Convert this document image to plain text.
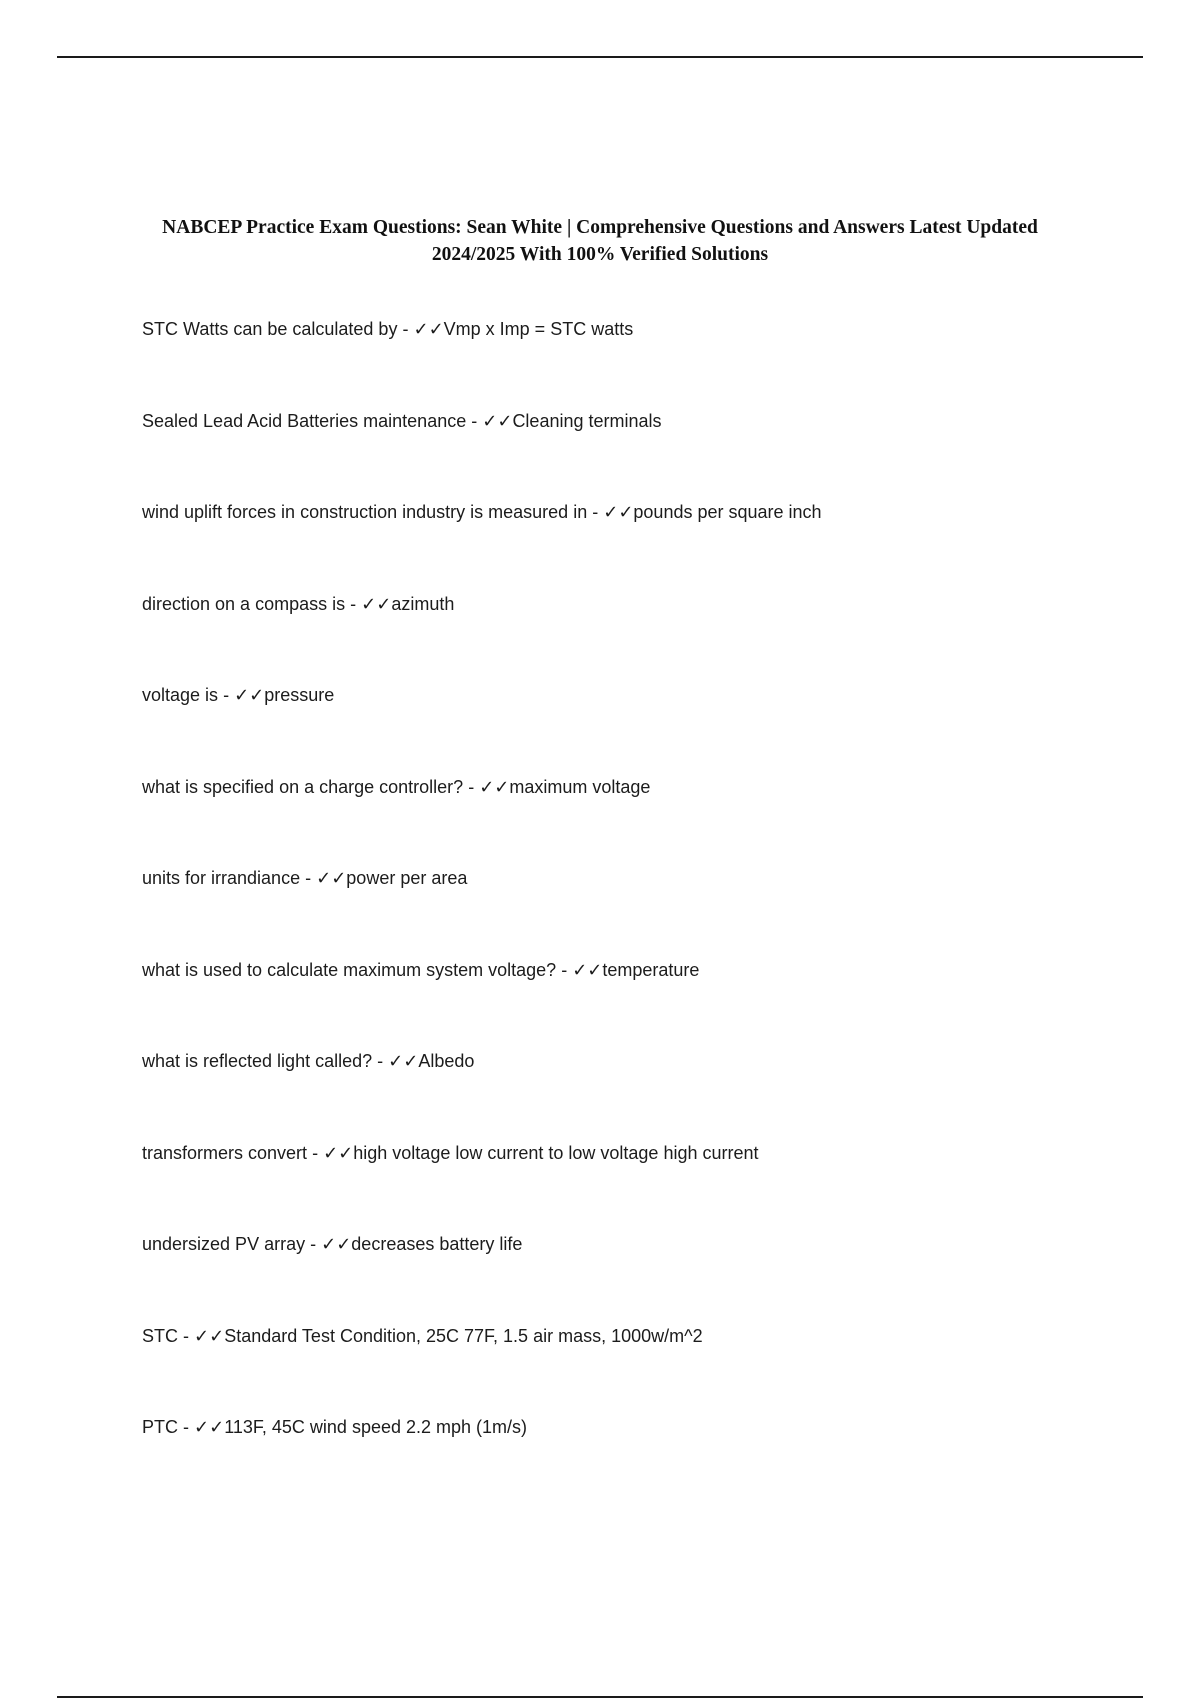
NABCEP Practice Exam Questions: Sean White | Comprehensive Questions and Answers Latest Updated 2024/2025 With 100% Verified Solutions
STC Watts can be calculated by - ✓✓Vmp x Imp = STC watts
Sealed Lead Acid Batteries maintenance - ✓✓Cleaning terminals
wind uplift forces in construction industry is measured in - ✓✓pounds per square inch
direction on a compass is - ✓✓azimuth
voltage is - ✓✓pressure
what is specified on a charge controller? - ✓✓maximum voltage
units for irrandiance - ✓✓power per area
what is used to calculate maximum system voltage? - ✓✓temperature
what is reflected light called? - ✓✓Albedo
transformers convert - ✓✓high voltage low current to low voltage high current
undersized PV array - ✓✓decreases battery life
STC - ✓✓Standard Test Condition, 25C 77F, 1.5 air mass, 1000w/m^2
PTC - ✓✓113F, 45C wind speed 2.2 mph (1m/s)
